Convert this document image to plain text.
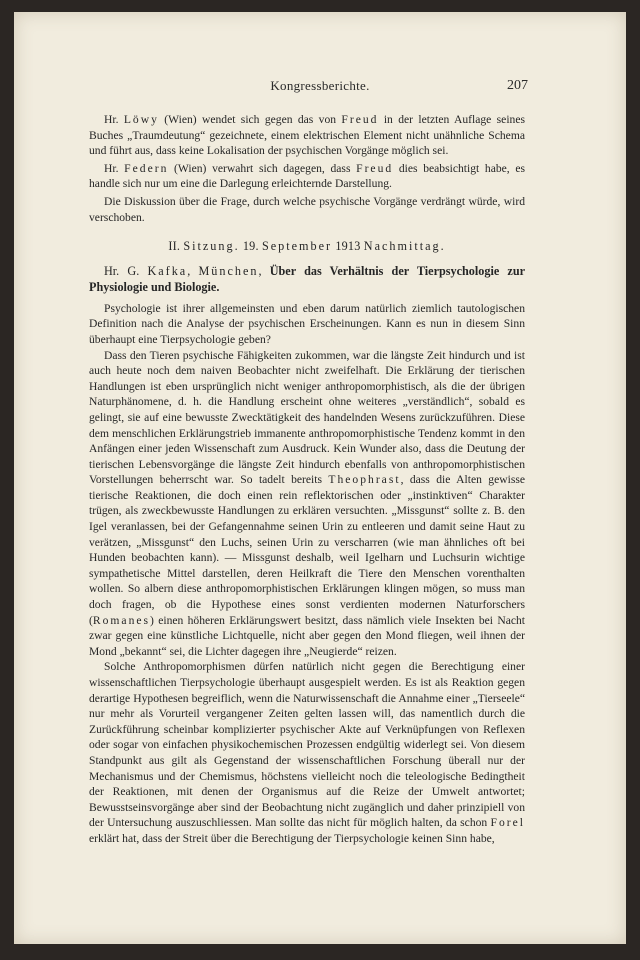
Kongressberichte.	207

Hr. Löwy (Wien) wendet sich gegen das von Freud in der letzten Auflage seines Buches „Traumdeutung“ gezeichnete, einem elektrischen Element nicht unähnliche Schema und führt aus, dass keine Lokalisation der psychischen Vorgänge möglich sei.

Hr. Federn (Wien) verwahrt sich dagegen, dass Freud dies beabsichtigt habe, es handle sich nur um eine die Darlegung erleichternde Darstellung.

Die Diskussion über die Frage, durch welche psychische Vorgänge verdrängt würde, wird verschoben.

II. Sitzung. 19. September 1913 Nachmittag.
Hr. G. Kafka, München, Über das Verhältnis der Tierpsychologie zur Physiologie und Biologie.

Psychologie ist ihrer allgemeinsten und eben darum natürlich ziemlich tautologischen Definition nach die Analyse der psychischen Erscheinungen. Kann es nun in diesem Sinn überhaupt eine Tierpsychologie geben?

Dass den Tieren psychische Fähigkeiten zukommen, war die längste Zeit hindurch und ist auch heute noch dem naiven Beobachter nicht zweifelhaft. Die Erklärung der tierischen Handlungen ist eben ursprünglich nicht weniger anthropomorphistisch, als die der übrigen Naturphänomene, d. h. die Handlung erscheint ohne weiteres „verständlich“, sobald es gelingt, sie auf eine bewusste Zwecktätigkeit des handelnden Wesens zurückzuführen. Diese dem menschlichen Erklärungstrieb immanente anthropomorphistische Tendenz kommt in den Anfängen einer jeden Wissenschaft zum Ausdruck. Kein Wunder also, dass die Deutung der tierischen Lebensvorgänge die längste Zeit hindurch ebenfalls von anthropomorphistischen Vorstellungen beherrscht war. So tadelt bereits Theophrast, dass die Alten gewisse tierische Reaktionen, die doch einen rein reflektorischen oder „instinktiven“ Charakter trügen, als zweckbewusste Handlungen zu erklären versuchten. „Missgunst“ sollte z. B. den Igel veranlassen, bei der Gefangennahme seinen Urin zu entleeren und damit seine Haut zu verätzen, „Missgunst“ den Luchs, seinen Urin zu verscharren (wie man ähnliches oft bei Hunden beobachten kann). — Missgunst deshalb, weil Igelharn und Luchsurin wichtige sympathetische Mittel darstellen, deren Heilkraft die Tiere den Menschen vorenthalten wollen. So albern diese anthropomorphistischen Erklärungen klingen mögen, so muss man doch fragen, ob die Hypothese eines sonst verdienten modernen Naturforschers (Romanes) einen höheren Erklärungswert besitzt, dass nämlich viele Insekten bei Nacht zwar gegen eine künstliche Lichtquelle, nicht aber gegen den Mond fliegen, weil ihnen der Mond „bekannt“ sei, die Lichter dagegen ihre „Neugierde“ reizen.

Solche Anthropomorphismen dürfen natürlich nicht gegen die Berechtigung einer wissenschaftlichen Tierpsychologie überhaupt ausgespielt werden. Es ist als Reaktion gegen derartige Hypothesen begreiflich, wenn die Naturwissenschaft die Annahme einer „Tierseele“ nur mehr als Vorurteil vergangener Zeiten gelten lassen will, das namentlich durch die Zurückführung scheinbar komplizierter psychischer Akte auf Verknüpfungen von Reflexen oder sogar von einfachen physikochemischen Prozessen endgültig widerlegt sei. Von diesem Standpunkt aus gilt als Gegenstand der wissenschaftlichen Forschung überall nur der Mechanismus und der Chemismus, höchstens vielleicht noch die teleologische Bedingtheit der Reaktionen, mit denen der Organismus auf die Reize der Umwelt antwortet; Bewusstseinsvorgänge aber sind der Beobachtung nicht zugänglich und daher prinzipiell von der Untersuchung auszuschliessen. Man sollte das nicht für möglich halten, da schon Forel erklärt hat, dass der Streit über die Berechtigung der Tierpsychologie keinen Sinn habe,
